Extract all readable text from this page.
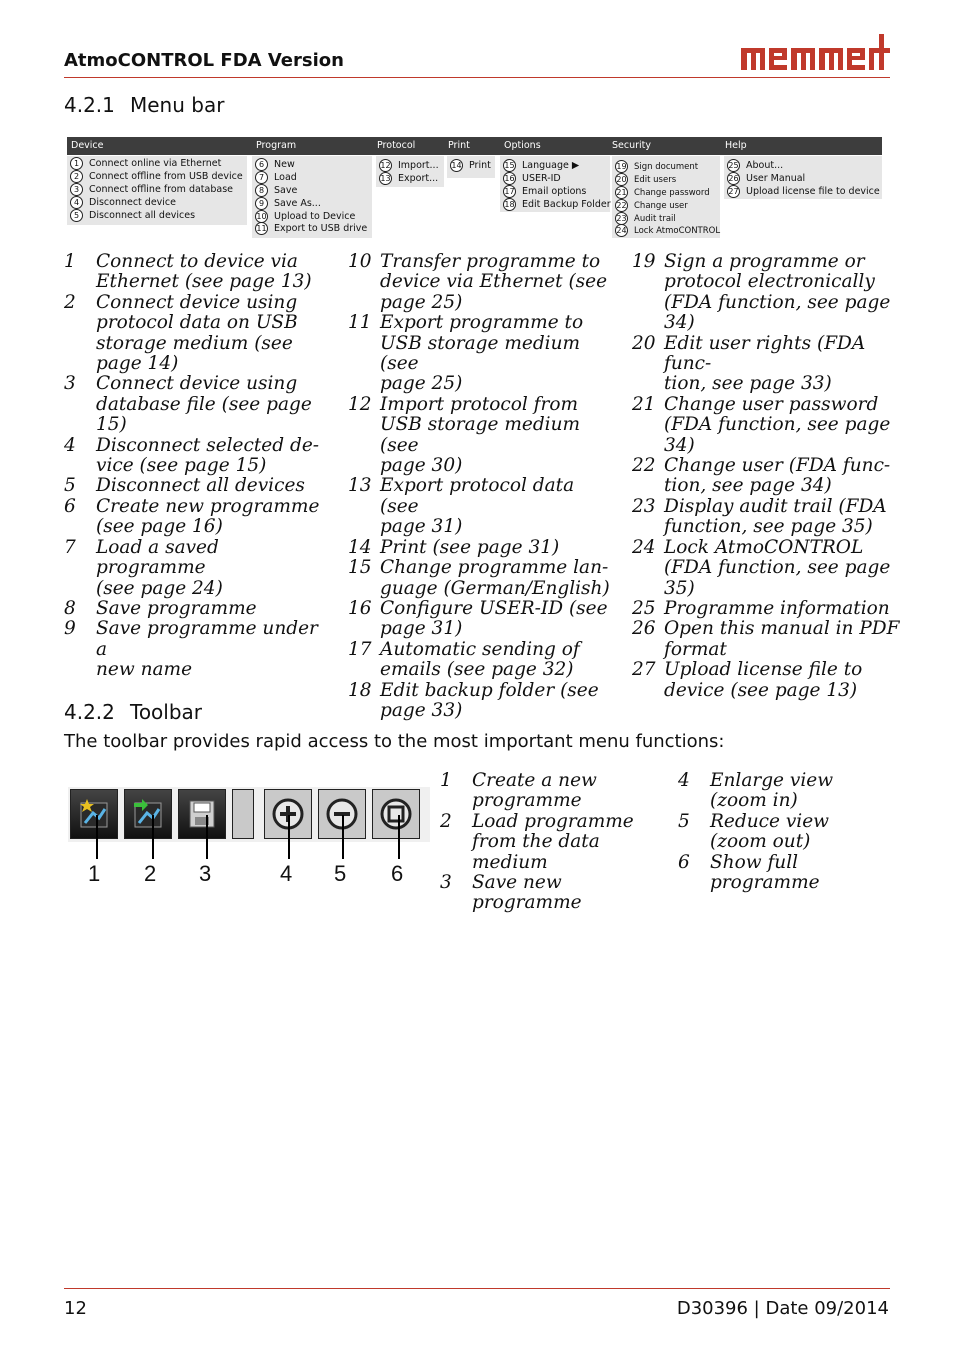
AtmoCONTROL FDA Version
4.2.1 Menu bar
Device	Program	Protocol	Print	Options	Security	Help
1	Connect online via Ethernet
2	Connect offline from USB device
3	Connect offline from database
4	Disconnect device
5	Disconnect all devices
6	New
7	Load
8	Save
9	Save As...
10 Upload to Device
11 Export to USB drive
12 Import...
13 Export...
14 Print 15 Language ▶
16 USER-ID
17 Email options
18 Edit Backup Folder
19 Sign document
20 Edit users
21 Change password
22 Change user
23 Audit trail
24 Lock AtmoCONTROL
25 About...
26 User Manual
27 Upload license file to device
1 Connect to device via
Ethernet (see page 13)
2 Connect device using
protocol data on USB
storage medium (see
page 14)
3 Connect device using
database file (see page
15)
4 Disconnect selected de-
vice (see page 15)
5 Disconnect all devices
6 Create new programme
(see page 16)
7 Load a saved programme
(see page 24)
8 Save programme
9 Save programme under a
new name
10 Transfer programme to
device via Ethernet (see
page 25)
11 Export programme to
USB storage medium (see
page 25)
12 Import protocol from
USB storage medium (see
page 30)
13 Export protocol data (see
page 31)
14 Print (see page 31)
15 Change programme lan-
guage (German/English)
16 Configure USER-ID (see
page 31)
17 Automatic sending of
emails (see page 32)
18 Edit backup folder (see
page 33)
19 Sign a programme or
protocol electronically
(FDA function, see page
34)
20 Edit user rights (FDA func-
tion, see page 33)
21 Change user password
(FDA function, see page
34)
22 Change user (FDA func-
tion, see page 34)
23 Display audit trail (FDA
function, see page 35)
24 Lock AtmoCONTROL
(FDA function, see page
35)
25 Programme information
26 Open this manual in PDF
format
27 Upload license file to
device (see page 13)
4.2.2 Toolbar
The toolbar provides rapid access to the most important menu functions:
1 2 3	4 5 6
1 Create a new
programme
2 Load programme
from the data
medium
3 Save new
programme
4 Enlarge view
(zoom in)
5 Reduce view
(zoom out)
6 Show full
programme
12	D30396 | Date 09/2014
